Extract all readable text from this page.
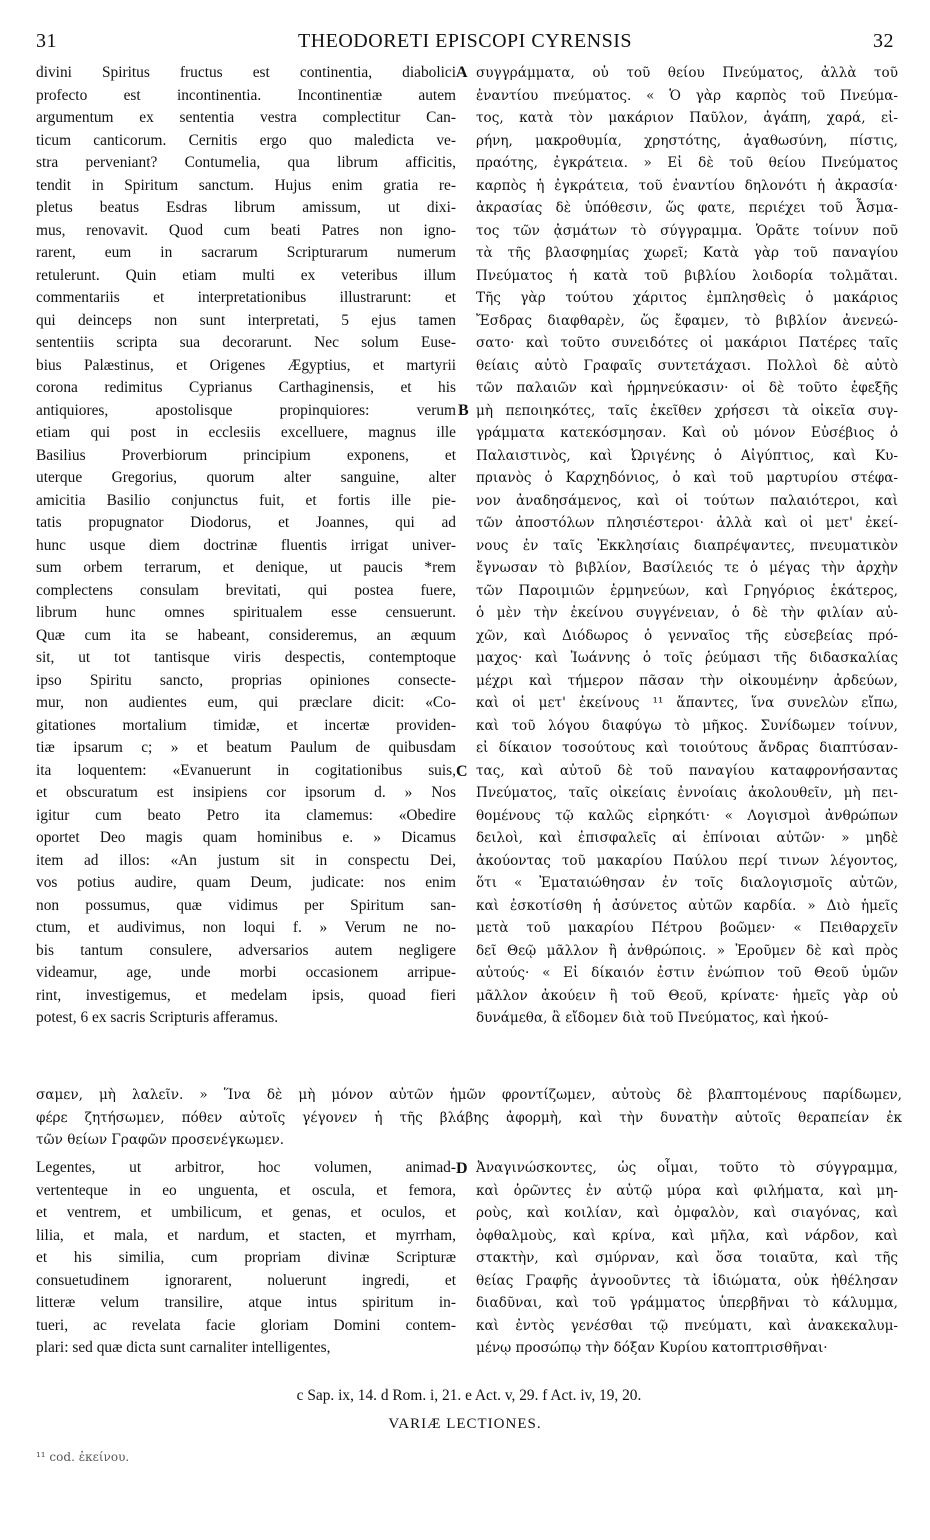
31	THEODORETI EPISCOPI CYRENSIS	32
divini Spiritus fructus est continentia, diabolici
profecto est incontinentia. Incontinentiæ autem
argumentum ex sententia vestra complectitur Can-
ticum canticorum. Cernitis ergo quo maledicta ve-
stra perveniant? Contumelia, qua librum afficitis,
tendit in Spiritum sanctum. Hujus enim gratia re-
pletus beatus Esdras librum amissum, ut dixi-
mus, renovavit. Quod cum beati Patres non igno-
rarent, eum in sacrarum Scripturarum numerum
retulerunt. Quin etiam multi ex veteribus illum
commentariis et interpretationibus illustrarunt: et
qui deinceps non sunt interpretati, 5 ejus tamen
sententiis scripta sua decorarunt. Nec solum Euse-
bius Palæstinus, et Origenes Ægyptius, et martyrii
corona redimitus Cyprianus Carthaginensis, et his
antiquiores, apostolisque propinquiores: verum
etiam qui post in ecclesiis excelluere, magnus ille
Basilius Proverbiorum principium exponens, et
uterque Gregorius, quorum alter sanguine, alter
amicitia Basilio conjunctus fuit, et fortis ille pie-
tatis propugnator Diodorus, et Joannes, qui ad
hunc usque diem doctrinæ fluentis irrigat univer-
sum orbem terrarum, et denique, ut paucis *rem
complectens consulam brevitati, qui postea fuere,
librum hunc omnes spiritualem esse censuerunt.
Quæ cum ita se habeant, consideremus, an æquum
sit, ut tot tantisque viris despectis, contemptoque
ipso Spiritu sancto, proprias opiniones consecte-
mur, non audientes eum, qui præclare dicit: «Co-
gitationes mortalium timidæ, et incertæ providen-
tiæ ipsarum c; » et beatum Paulum de quibusdam
ita loquentem: «Evanuerunt in cogitationibus suis,
et obscuratum est insipiens cor ipsorum d. » Nos
igitur cum beato Petro ita clamemus: «Obedire
oportet Deo magis quam hominibus e. » Dicamus
item ad illos: «An justum sit in conspectu Dei,
vos potius audire, quam Deum, judicate: nos enim
non possumus, quæ vidimus per Spiritum san-
ctum, et audivimus, non loqui f. » Verum ne no-
bis tantum consulere, adversarios autem negligere
videamur, age, unde morbi occasionem arripue-
rint, investigemus, et medelam ipsis, quoad fieri
potest, 6 ex sacris Scripturis afferamus.
συγγράμματα, οὐ τοῦ θείου Πνεύματος, ἀλλὰ τοῦ
ἐναντίου πνεύματος. « Ὁ γὰρ καρπὸς τοῦ Πνεύμα-
τος, κατὰ τὸν μακάριον Παῦλον, ἀγάπη, χαρά, εἰ-
ρήνη, μακροθυμία, χρηστότης, ἀγαθωσύνη, πίστις,
πραότης, ἐγκράτεια. » Εἰ δὲ τοῦ θείου Πνεύματος
καρπὸς ἡ ἐγκράτεια, τοῦ ἐναντίου δηλονότι ἡ ἀκρασία·
ἀκρασίας δὲ ὑπόθεσιν, ὥς φατε, περιέχει τοῦ Ἆσμα-
τος τῶν ᾀσμάτων τὸ σύγγραμμα. Ὁρᾶτε τοίνυν ποῦ
τὰ τῆς βλασφημίας χωρεῖ; Κατὰ γὰρ τοῦ παναγίου
Πνεύματος ἡ κατὰ τοῦ βιβλίου λοιδορία τολμᾶται.
Τῆς γὰρ τούτου χάριτος ἐμπλησθεὶς ὁ μακάριος
Ἔσδρας διαφθαρὲν, ὥς ἔφαμεν, τὸ βιβλίον ἀνενεώ-
σατο· καὶ τοῦτο συνειδότες οἱ μακάριοι Πατέρες ταῖς
θείαις αὐτὸ Γραφαῖς συντετάχασι. Πολλοὶ δὲ αὐτὸ
τῶν παλαιῶν καὶ ἡρμηνεύκασιν· οἱ δὲ τοῦτο ἐφεξῆς
μὴ πεποιηκότες, ταῖς ἐκεῖθεν χρήσεσι τὰ οἰκεῖα συγ-
γράμματα κατεκόσμησαν. Καὶ οὐ μόνον Εὐσέβιος ὁ
Παλαιστινὸς, καὶ Ὠριγένης ὁ Αἰγύπτιος, καὶ Κυ-
πριανὸς ὁ Καρχηδόνιος, ὁ καὶ τοῦ μαρτυρίου στέφα-
νον ἀναδησάμενος, καὶ οἱ τούτων παλαιότεροι, καὶ
τῶν ἀποστόλων πλησιέστεροι· ἀλλὰ καὶ οἱ μετ' ἐκεί-
νους ἐν ταῖς Ἐκκλησίαις διαπρέψαντες, πνευματικὸν
ἔγνωσαν τὸ βιβλίον, Βασίλειός τε ὁ μέγας τὴν ἀρχὴν
τῶν Παροιμιῶν ἑρμηνεύων, καὶ Γρηγόριος ἑκάτερος,
ὁ μὲν τὴν ἐκείνου συγγένειαν, ὁ δὲ τὴν φιλίαν αὐ-
χῶν, καὶ Διόδωρος ὁ γενναῖος τῆς εὐσεβείας πρό-
μαχος· καὶ Ἰωάννης ὁ τοῖς ῥεύμασι τῆς διδασκαλίας
μέχρι καὶ τήμερον πᾶσαν τὴν οἰκουμένην ἀρδεύων,
καὶ οἱ μετ' ἐκείνους ¹¹ ἅπαντες, ἵνα συνελὼν εἴπω,
καὶ τοῦ λόγου διαφύγω τὸ μῆκος. Συνίδωμεν τοίνυν,
εἰ δίκαιον τοσούτους καὶ τοιούτους ἄνδρας διαπτύσαν-
τας, καὶ αὐτοῦ δὲ τοῦ παναγίου καταφρονήσαντας
Πνεύματος, ταῖς οἰκείαις ἐννοίαις ἀκολουθεῖν, μὴ πει-
θομένους τῷ καλῶς εἰρηκότι· « Λογισμοὶ ἀνθρώπων
δειλοὶ, καὶ ἐπισφαλεῖς αἱ ἐπίνοιαι αὐτῶν· » μηδὲ
ἀκούοντας τοῦ μακαρίου Παύλου περί τινων λέγοντος,
ὅτι « Ἐματαιώθησαν ἐν τοῖς διαλογισμοῖς αὐτῶν,
καὶ ἐσκοτίσθη ἡ ἀσύνετος αὐτῶν καρδία. » Διὸ ἡμεῖς
μετὰ τοῦ μακαρίου Πέτρου βοῶμεν· « Πειθαρχεῖν
δεῖ Θεῷ μᾶλλον ἢ ἀνθρώποις. » Ἐροῦμεν δὲ καὶ πρὸς
αὐτούς· « Εἰ δίκαιόν ἐστιν ἐνώπιον τοῦ Θεοῦ ὑμῶν
μᾶλλον ἀκούειν ἢ τοῦ Θεοῦ, κρίνατε· ἡμεῖς γὰρ οὐ
δυνάμεθα, ἃ εἴδομεν διὰ τοῦ Πνεύματος, καὶ ἠκού-
A
B
C
D
σαμεν, μὴ λαλεῖν. » Ἵνα δὲ μὴ μόνον αὐτῶν ἡμῶν φροντίζωμεν, αὐτοὺς δὲ βλαπτομένους παρίδωμεν,
φέρε ζητήσωμεν, πόθεν αὐτοῖς γέγονεν ἡ τῆς βλάβης ἀφορμὴ, καὶ τὴν δυνατὴν αὐτοῖς θεραπείαν ἐκ
τῶν θείων Γραφῶν προσενέγκωμεν.
Legentes, ut arbitror, hoc volumen, animad-
vertenteque in eo unguenta, et oscula, et femora,
et ventrem, et umbilicum, et genas, et oculos, et
lilia, et mala, et nardum, et stacten, et myrrham,
et his similia, cum propriam divinæ Scripturæ
consuetudinem ignorarent, noluerunt ingredi, et
litteræ velum transilire, atque intus spiritum in-
tueri, ac revelata facie gloriam Domini contem-
plari: sed quæ dicta sunt carnaliter intelligentes,
Ἀναγινώσκοντες, ὡς οἶμαι, τοῦτο τὸ σύγγραμμα,
καὶ ὁρῶντες ἐν αὐτῷ μύρα καὶ φιλήματα, καὶ μη-
ροὺς, καὶ κοιλίαν, καὶ ὀμφαλὸν, καὶ σιαγόνας, καὶ
ὀφθαλμοὺς, καὶ κρίνα, καὶ μῆλα, καὶ νάρδον, καὶ
στακτὴν, καὶ σμύρναν, καὶ ὅσα τοιαῦτα, καὶ τῆς
θείας Γραφῆς ἀγνοοῦντες τὰ ἰδιώματα, οὐκ ἠθέλησαν
διαδῦναι, καὶ τοῦ γράμματος ὑπερβῆναι τὸ κάλυμμα,
καὶ ἐντὸς γενέσθαι τῷ πνεύματι, καὶ ἀνακεκαλυμ-
μένῳ προσώπῳ τὴν δόξαν Κυρίου κατοπτρισθῆναι·
c Sap. ix, 14. d Rom. i, 21. e Act. v, 29. f Act. iv, 19, 20.
VARIÆ LECTIONES.
¹¹ cod. ἐκείνου.
